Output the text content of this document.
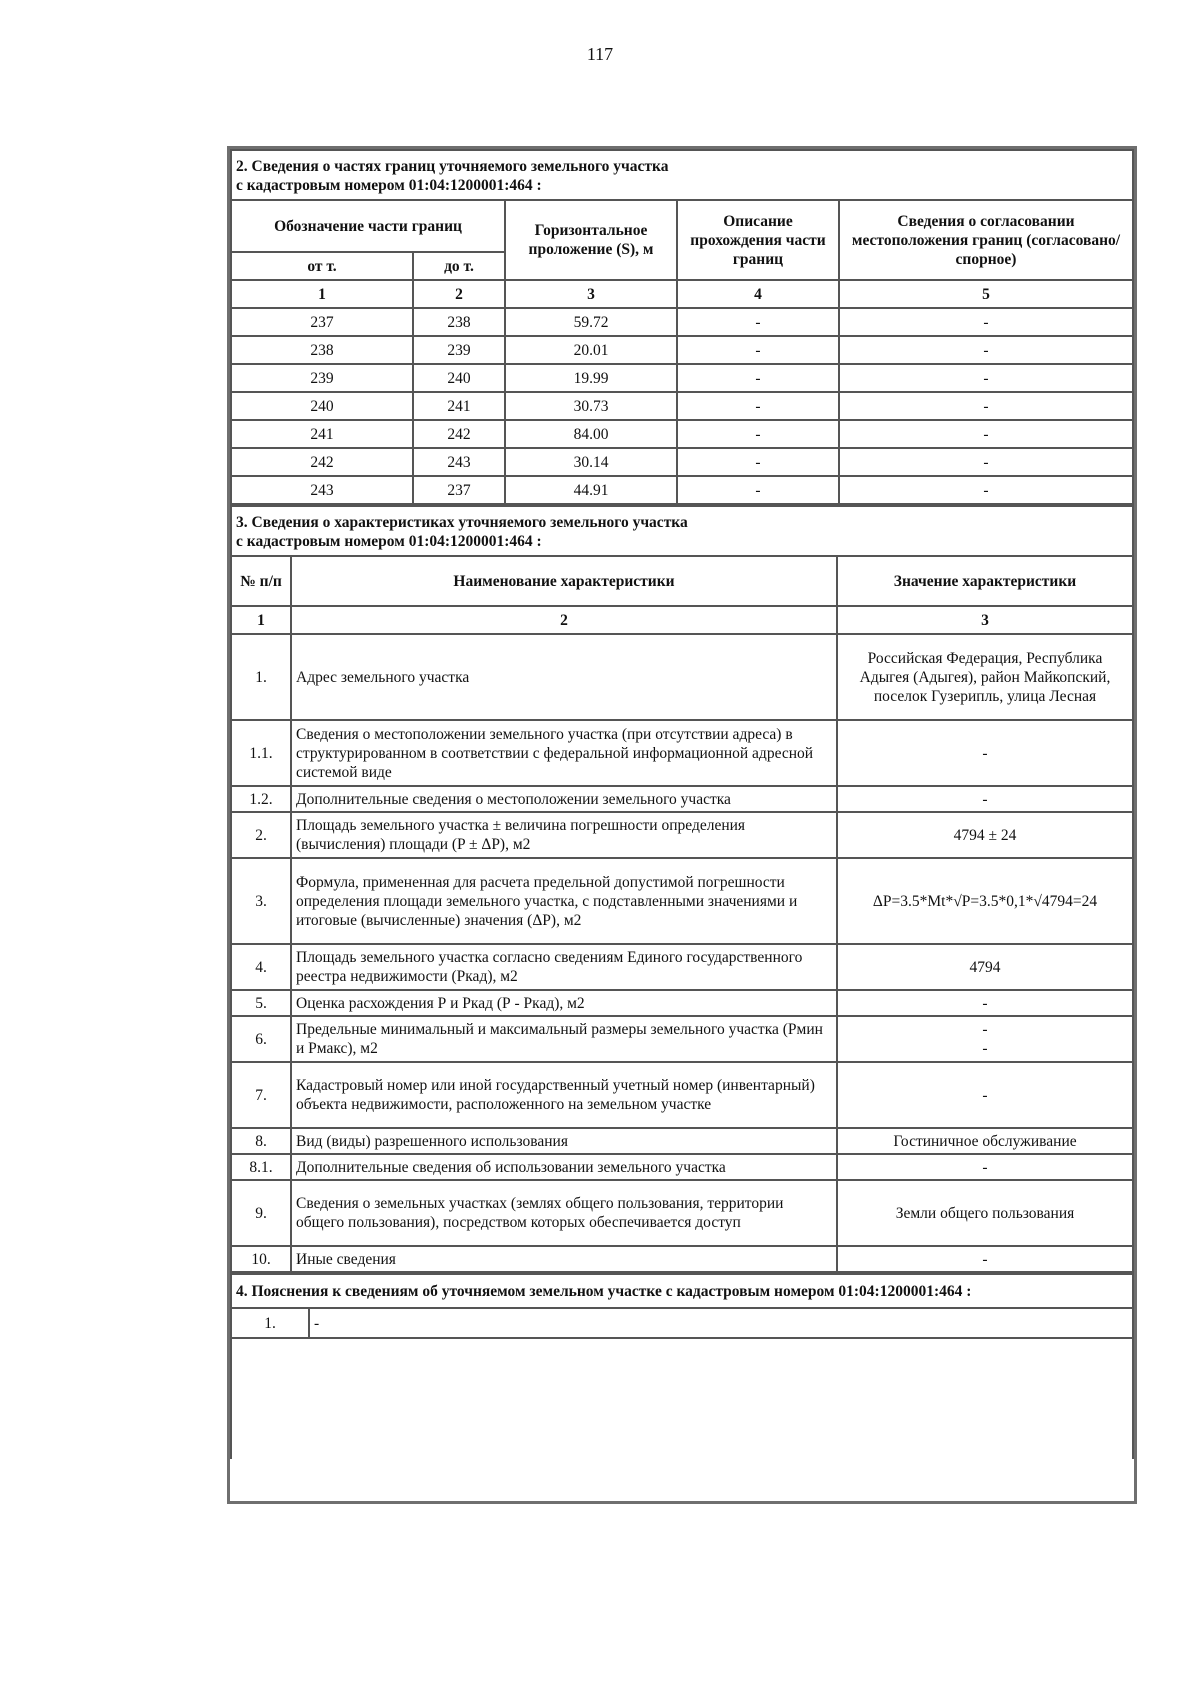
117
2. Сведения о частях границ уточняемого земельного участка
с кадастровым номером 01:04:1200001:464 :				

Обозначение части границ		Горизонтальное проложение (S), м	Описание прохождения части границ	Сведения о согласовании местоположения границ (согласовано/спорное)
от т.	до т.			
1	2	3	4	5
237	238	59.72	-	-
238	239	20.01	-	-
239	240	19.99	-	-
240	241	30.73	-	-
241	242	84.00	-	-
242	243	30.14	-	-
243	237	44.91	-	-
3. Сведения о характеристиках уточняемого земельного участка
с кадастровым номером 01:04:1200001:464 :		

№ п/п	Наименование характеристики	Значение характеристики
1	2	3
1.	Адрес земельного участка	Российская Федерация, Республика Адыгея (Адыгея), район Майкопский, поселок Гузерипль, улица Лесная
1.1.	Сведения о местоположении земельного участка (при отсутствии адреса) в структурированном в соответствии с федеральной информационной адресной системой виде	-
1.2.	Дополнительные сведения о местоположении земельного участка	-
2.	Площадь земельного участка ± величина погрешности определения (вычисления) площади (P ± ΔP), м2	4794 ± 24
3.	Формула, примененная для расчета предельной допустимой погрешности определения площади земельного участка, с подставленными значениями и итоговые (вычисленные) значения (ΔP), м2	ΔP=3.5*Mt*√P=3.5*0,1*√4794=24
4.	Площадь земельного участка согласно сведениям Единого государственного реестра недвижимости (Ркад), м2	4794
5.	Оценка расхождения Р и Ркад (Р - Ркад), м2	-
6.	Предельные минимальный и максимальный размеры земельного участка (Рмин и Рмакс), м2	-
-

7.	Кадастровый номер или иной государственный учетный номер (инвентарный) объекта недвижимости, расположенного на земельном участке	-
8.	Вид (виды) разрешенного использования	Гостиничное обслуживание
8.1.	Дополнительные сведения об использовании земельного участка	-
9.	Сведения о земельных участках (землях общего пользования, территории общего пользования), посредством которых обеспечивается доступ	Земли общего пользования
10.	Иные сведения	-
4. Пояснения к сведениям об уточняемом земельном участке с кадастровым номером 01:04:1200001:464 :
1.	-
